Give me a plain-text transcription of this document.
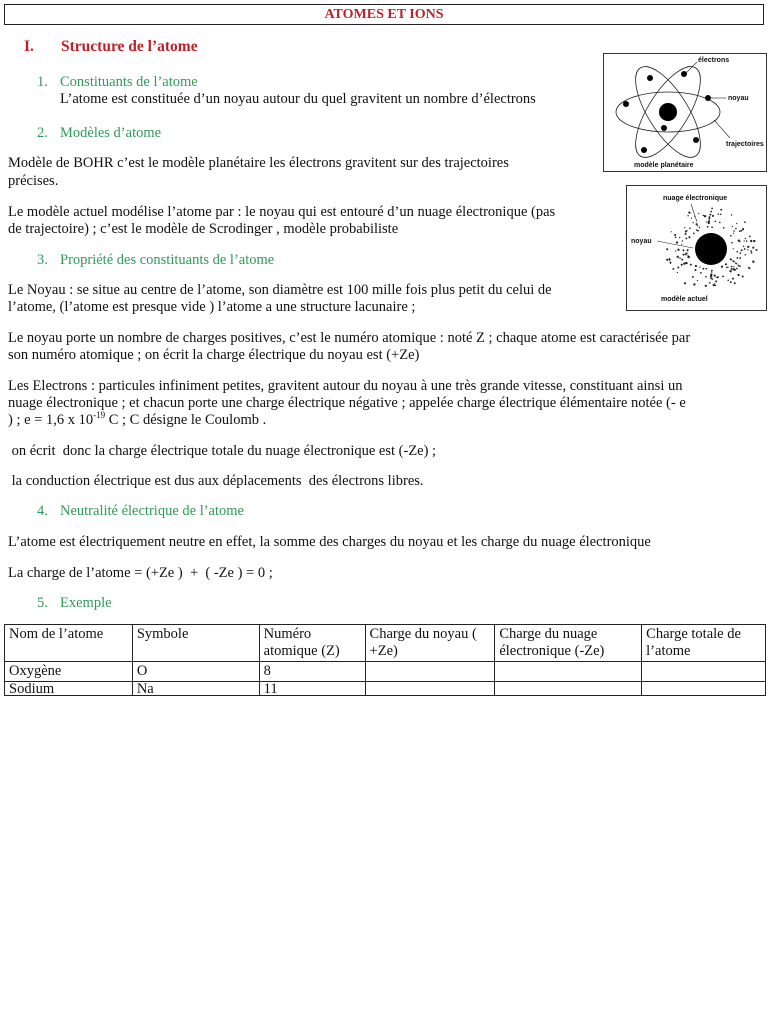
ATOMES ET IONS
I. Structure de l’atome
1. Constituants de l’atome
L’atome est constituée d’un noyau autour du quel gravitent un nombre d’électrons
2. Modèles d’atome
Modèle de BOHR c’est le modèle planétaire les électrons gravitent sur des trajectoires
précises.
Le modèle actuel modélise l’atome par : le noyau qui est entouré d’un nuage électronique (pas
de trajectoire) ; c’est le modèle de Scrodinger , modèle probabiliste
3. Propriété des constituants de l’atome
Le Noyau : se situe au centre de l’atome, son diamètre est 100 mille fois plus petit du celui de
l’atome, (l’atome est presque vide ) l’atome a une structure lacunaire ;
Le noyau porte un nombre de charges positives, c’est le numéro atomique : noté Z ; chaque atome est caractérisée par
son numéro atomique ; on écrit la charge électrique du noyau est (+Ze)
Les Electrons : particules infiniment petites, gravitent autour du noyau à une très grande vitesse, constituant ainsi un
nuage électronique ; et chacun porte une charge électrique négative ; appelée charge électrique élémentaire notée (- e
) ; e = 1,6 x $10^{-19}$ C ; C désigne le Coulomb .
on écrit  donc la charge électrique totale du nuage électronique est (-Ze) ;
la conduction électrique est dus aux déplacements  des électrons libres.
4. Neutralité électrique de l’atome
L’atome est électriquement neutre en effet, la somme des charges du noyau et les charge du nuage électronique
La charge de l’atome = (+Ze )  +  ( -Ze ) = 0 ;
5. Exemple
Nom de l’atome	Symbole	Numéro atomique (Z)	Charge du noyau ( +Ze)	Charge du nuage électronique (-Ze)	Charge totale de l’atome
Oxygène	O	8			
Sodium	Na	11			
électrons
noyau
trajectoires
modèle planétaire
nuage électronique
noyau
modèle actuel
